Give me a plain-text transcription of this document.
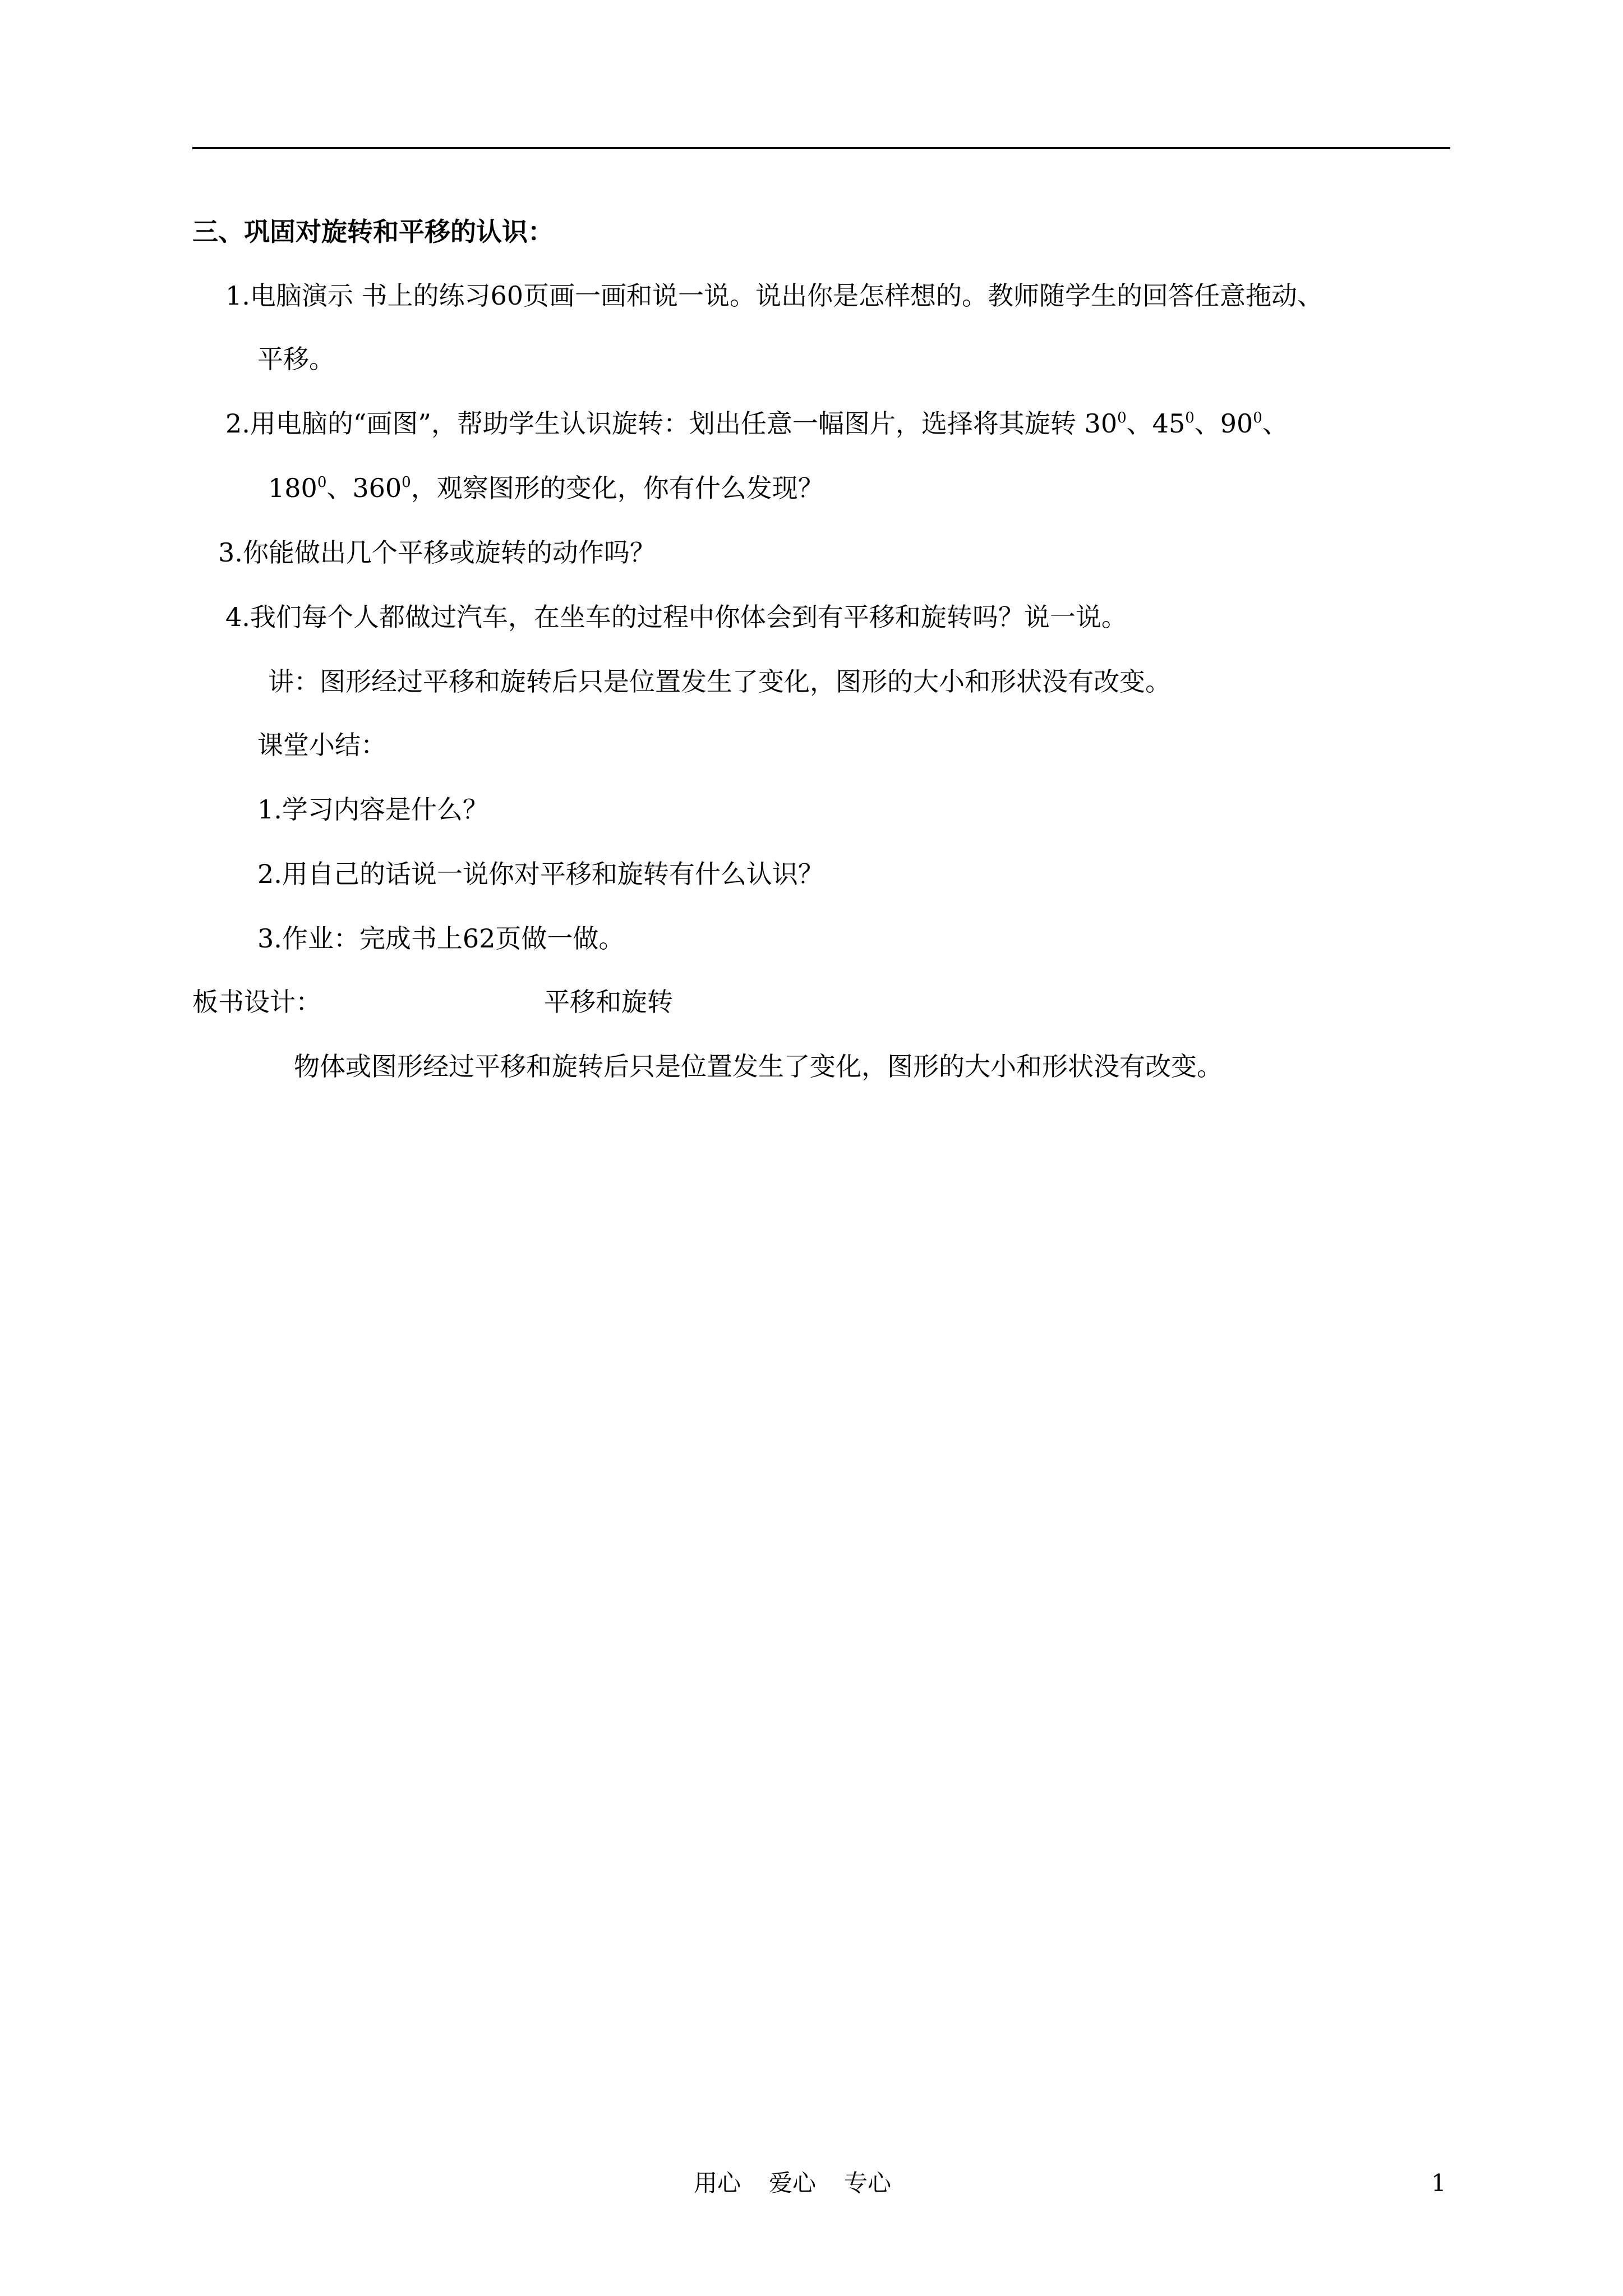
三、巩固对旋转和平移的认识：
1.电脑演示 书上的练习60页画一画和说一说。说出你是怎样想的。教师随学生的回答任意拖动、
平移。
2.用电脑的“画图”，帮助学生认识旋转：划出任意一幅图片，选择将其旋转 $30^0$、$45^0$、$90^0$、
$180^0$、$360^0$，观察图形的变化，你有什么发现？
3.你能做出几个平移或旋转的动作吗？
4.我们每个人都做过汽车，在坐车的过程中你体会到有平移和旋转吗？说一说。
讲：图形经过平移和旋转后只是位置发生了变化，图形的大小和形状没有改变。
课堂小结：
1.学习内容是什么？
2.用自己的话说一说你对平移和旋转有什么认识？
3.作业：完成书上62页做一做。
板书设计：	平移和旋转
物体或图形经过平移和旋转后只是位置发生了变化，图形的大小和形状没有改变。
用心 爱心 专心	1
